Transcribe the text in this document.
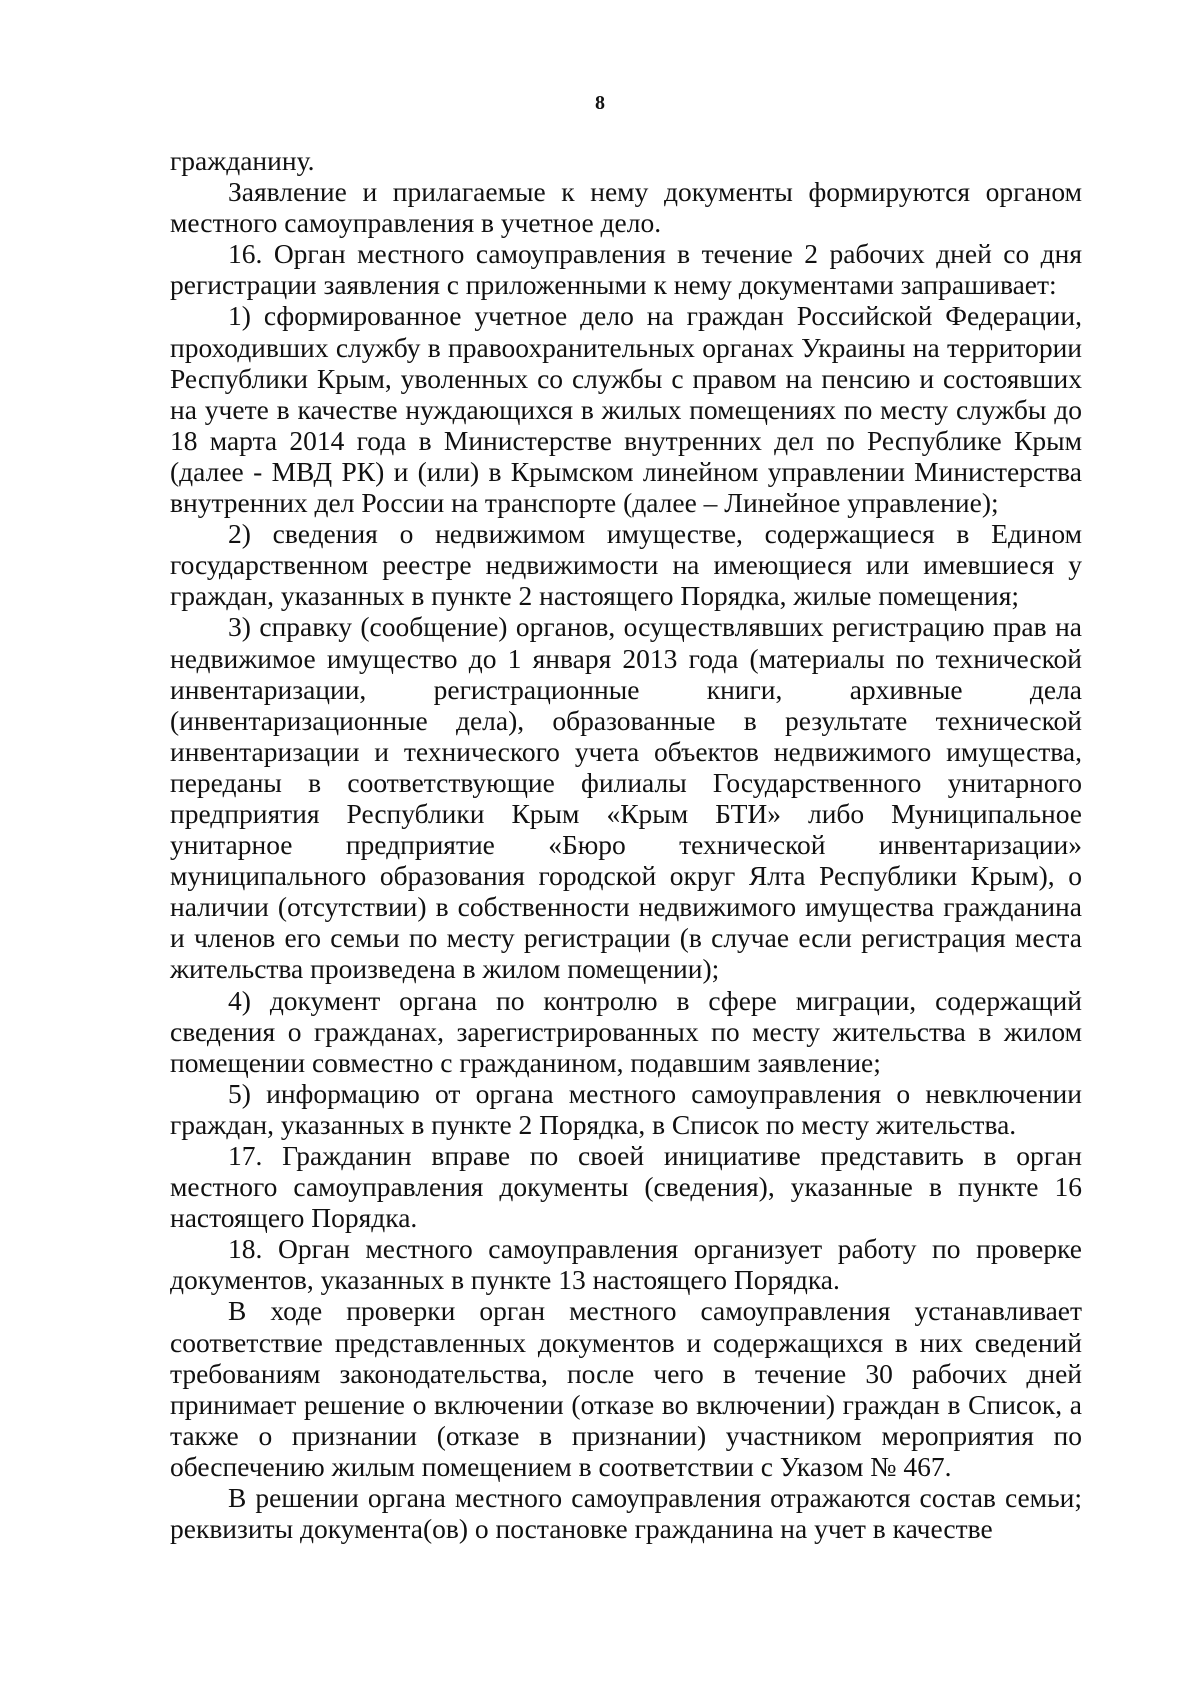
8

гражданину.

Заявление и прилагаемые к нему документы формируются органом местного самоуправления в учетное дело.

16. Орган местного самоуправления в течение 2 рабочих дней со дня регистрации заявления с приложенными к нему документами запрашивает:

1) сформированное учетное дело на граждан Российской Федерации, проходивших службу в правоохранительных органах Украины на территории Республики Крым, уволенных со службы с правом на пенсию и состоявших на учете в качестве нуждающихся в жилых помещениях по месту службы до 18 марта 2014 года в Министерстве внутренних дел по Республике Крым (далее - МВД РК) и (или) в Крымском линейном управлении Министерства внутренних дел России на транспорте (далее – Линейное управление);

2) сведения о недвижимом имуществе, содержащиеся в Едином государственном реестре недвижимости на имеющиеся или имевшиеся у граждан, указанных в пункте 2 настоящего Порядка, жилые помещения;

3) справку (сообщение) органов, осуществлявших регистрацию прав на недвижимое имущество до 1 января 2013 года (материалы по технической инвентаризации, регистрационные книги, архивные дела (инвентаризационные дела), образованные в результате технической инвентаризации и технического учета объектов недвижимого имущества, переданы в соответствующие филиалы Государственного унитарного предприятия Республики Крым «Крым БТИ» либо Муниципальное унитарное предприятие «Бюро технической инвентаризации» муниципального образования городской округ Ялта Республики Крым), о наличии (отсутствии) в собственности недвижимого имущества гражданина и членов его семьи по месту регистрации (в случае если регистрация места жительства произведена в жилом помещении);

4) документ органа по контролю в сфере миграции, содержащий сведения о гражданах, зарегистрированных по месту жительства в жилом помещении совместно с гражданином, подавшим заявление;

5) информацию от органа местного самоуправления о невключении граждан, указанных в пункте 2 Порядка, в Список по месту жительства.

17. Гражданин вправе по своей инициативе представить в орган местного самоуправления документы (сведения), указанные в пункте 16 настоящего Порядка.

18. Орган местного самоуправления организует работу по проверке документов, указанных в пункте 13 настоящего Порядка.

В ходе проверки орган местного самоуправления устанавливает соответствие представленных документов и содержащихся в них сведений требованиям законодательства, после чего в течение 30 рабочих дней принимает решение о включении (отказе во включении) граждан в Список, а также о признании (отказе в признании) участником мероприятия по обеспечению жилым помещением в соответствии с Указом № 467.

В решении органа местного самоуправления отражаются состав семьи; реквизиты документа(ов) о постановке гражданина на учет в качестве
